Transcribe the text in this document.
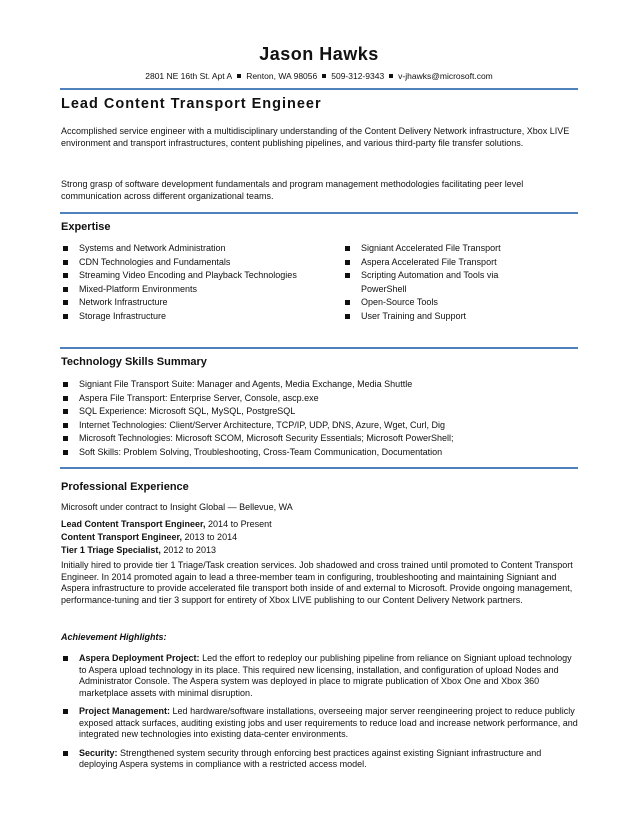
Jason Hawks
2801 NE 16th St. Apt A Renton, WA 98056 509-312-9343 v-jhawks@microsoft.com
Lead Content Transport Engineer
Accomplished service engineer with a multidisciplinary understanding of the Content Delivery Network infrastructure, Xbox LIVE environment and transport infrastructures, content publishing pipelines, and various third-party file transfer solutions.
Strong grasp of software development fundamentals and program management methodologies facilitating peer level communication across different organizational teams.
Expertise
Systems and Network Administration
CDN Technologies and Fundamentals
Streaming Video Encoding and Playback Technologies
Mixed-Platform Environments
Network Infrastructure
Storage Infrastructure
Signiant Accelerated File Transport
Aspera Accelerated File Transport
Scripting Automation and Tools via PowerShell
Open-Source Tools
User Training and Support
Technology Skills Summary
Signiant File Transport Suite: Manager and Agents, Media Exchange, Media Shuttle
Aspera File Transport: Enterprise Server, Console, ascp.exe
SQL Experience: Microsoft SQL, MySQL, PostgreSQL
Internet Technologies: Client/Server Architecture, TCP/IP, UDP, DNS, Azure, Wget, Curl, Dig
Microsoft Technologies: Microsoft SCOM, Microsoft Security Essentials; Microsoft PowerShell;
Soft Skills: Problem Solving, Troubleshooting, Cross-Team Communication, Documentation
Professional Experience
Microsoft under contract to Insight Global — Bellevue, WA
Lead Content Transport Engineer, 2014 to Present
Content Transport Engineer, 2013 to 2014
Tier 1 Triage Specialist, 2012 to 2013
Initially hired to provide tier 1 Triage/Task creation services. Job shadowed and cross trained until promoted to Content Transport Engineer. In 2014 promoted again to lead a three-member team in configuring, troubleshooting and maintaining Signiant and Aspera infrastructure to provide accelerated file transport both inside of and external to Microsoft. Provide ongoing management, performance-tuning and tier 3 support for entirety of Xbox LIVE publishing to our Content Delivery Network partners.
Achievement Highlights:
Aspera Deployment Project: Led the effort to redeploy our publishing pipeline from reliance on Signiant upload technology to Aspera upload technology in its place. This required new licensing, installation, and configuration of upload Nodes and Administrator Console. The Aspera system was deployed in place to migrate publication of Xbox One and Xbox 360 marketplace assets with minimal disruption.
Project Management: Led hardware/software installations, overseeing major server reengineering project to reduce publicly exposed attack surfaces, auditing existing jobs and user requirements to reduce load and increase network performance, and integrated new technologies into existing data-center environments.
Security: Strengthened system security through enforcing best practices against existing Signiant infrastructure and deploying Aspera systems in compliance with a restricted access model.
